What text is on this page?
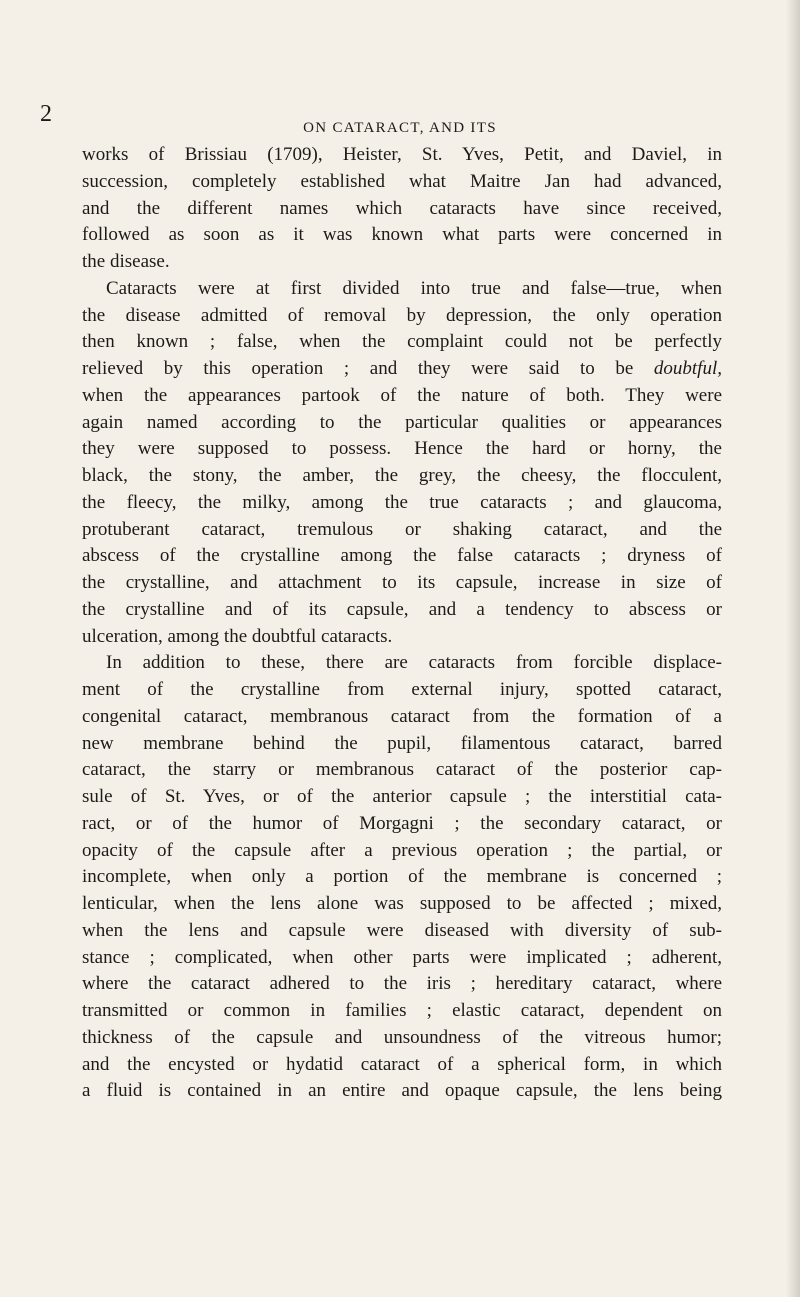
2
ON CATARACT, AND ITS
works of Brissiau (1709), Heister, St. Yves, Petit, and Daviel, in
succession, completely established what Maitre Jan had advanced,
and the different names which cataracts have since received,
followed as soon as it was known what parts were concerned in
the disease.
Cataracts were at first divided into true and false—true, when
the disease admitted of removal by depression, the only operation
then known ; false, when the complaint could not be perfectly
relieved by this operation ; and they were said to be doubtful,
when the appearances partook of the nature of both. They were
again named according to the particular qualities or appearances
they were supposed to possess. Hence the hard or horny, the
black, the stony, the amber, the grey, the cheesy, the flocculent,
the fleecy, the milky, among the true cataracts ; and glaucoma,
protuberant cataract, tremulous or shaking cataract, and the
abscess of the crystalline among the false cataracts ; dryness of
the crystalline, and attachment to its capsule, increase in size of
the crystalline and of its capsule, and a tendency to abscess or
ulceration, among the doubtful cataracts.
In addition to these, there are cataracts from forcible displace-
ment of the crystalline from external injury, spotted cataract,
congenital cataract, membranous cataract from the formation of a
new membrane behind the pupil, filamentous cataract, barred
cataract, the starry or membranous cataract of the posterior cap-
sule of St. Yves, or of the anterior capsule ; the interstitial cata-
ract, or of the humor of Morgagni ; the secondary cataract, or
opacity of the capsule after a previous operation ; the partial, or
incomplete, when only a portion of the membrane is concerned ;
lenticular, when the lens alone was supposed to be affected ; mixed,
when the lens and capsule were diseased with diversity of sub-
stance ; complicated, when other parts were implicated ; adherent,
where the cataract adhered to the iris ; hereditary cataract, where
transmitted or common in families ; elastic cataract, dependent on
thickness of the capsule and unsoundness of the vitreous humor;
and the encysted or hydatid cataract of a spherical form, in which
a fluid is contained in an entire and opaque capsule, the lens being
